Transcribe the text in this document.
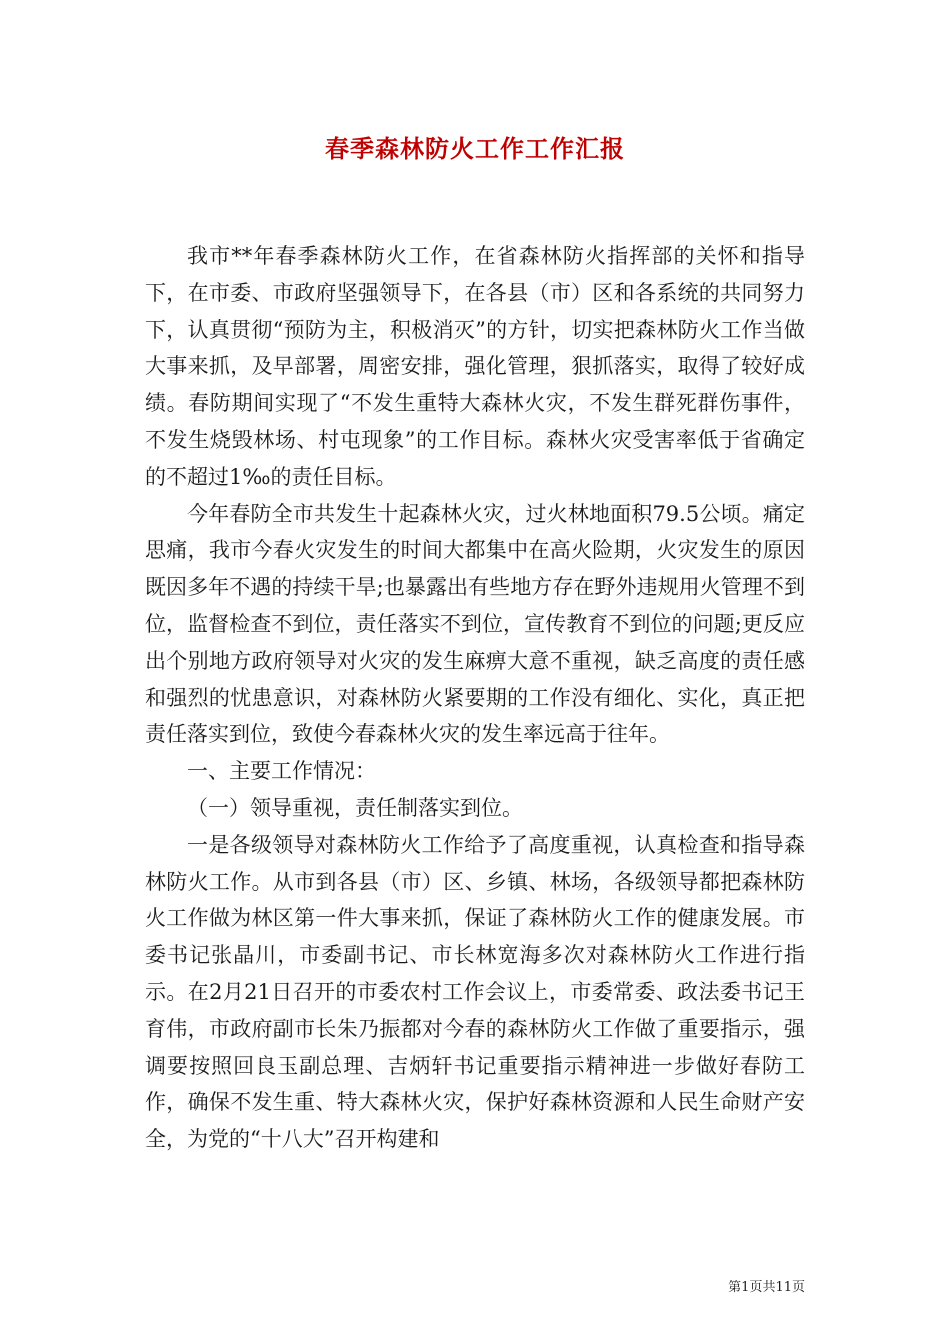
春季森林防火工作工作汇报

我市**年春季森林防火工作，在省森林防火指挥部的关怀和指导下，在市委、市政府坚强领导下，在各县（市）区和各系统的共同努力下，认真贯彻“预防为主，积极消灭”的方针，切实把森林防火工作当做大事来抓，及早部署，周密安排，强化管理，狠抓落实，取得了较好成绩。春防期间实现了“不发生重特大森林火灾，不发生群死群伤事件，不发生烧毁林场、村屯现象”的工作目标。森林火灾受害率低于省确定的不超过1‰的责任目标。

今年春防全市共发生十起森林火灾，过火林地面积79.5公顷。痛定思痛，我市今春火灾发生的时间大都集中在高火险期，火灾发生的原因既因多年不遇的持续干旱;也暴露出有些地方存在野外违规用火管理不到位，监督检查不到位，责任落实不到位，宣传教育不到位的问题;更反应出个别地方政府领导对火灾的发生麻痹大意不重视，缺乏高度的责任感和强烈的忧患意识，对森林防火紧要期的工作没有细化、实化，真正把责任落实到位，致使今春森林火灾的发生率远高于往年。

一、主要工作情况：

（一）领导重视，责任制落实到位。

一是各级领导对森林防火工作给予了高度重视，认真检查和指导森林防火工作。从市到各县（市）区、乡镇、林场，各级领导都把森林防火工作做为林区第一件大事来抓，保证了森林防火工作的健康发展。市委书记张晶川，市委副书记、市长林宽海多次对森林防火工作进行指示。在2月21日召开的市委农村工作会议上，市委常委、政法委书记王育伟，市政府副市长朱乃振都对今春的森林防火工作做了重要指示，强调要按照回良玉副总理、吉炳轩书记重要指示精神进一步做好春防工作，确保不发生重、特大森林火灾，保护好森林资源和人民生命财产安全，为党的“十八大”召开构建和

第1页共11页
